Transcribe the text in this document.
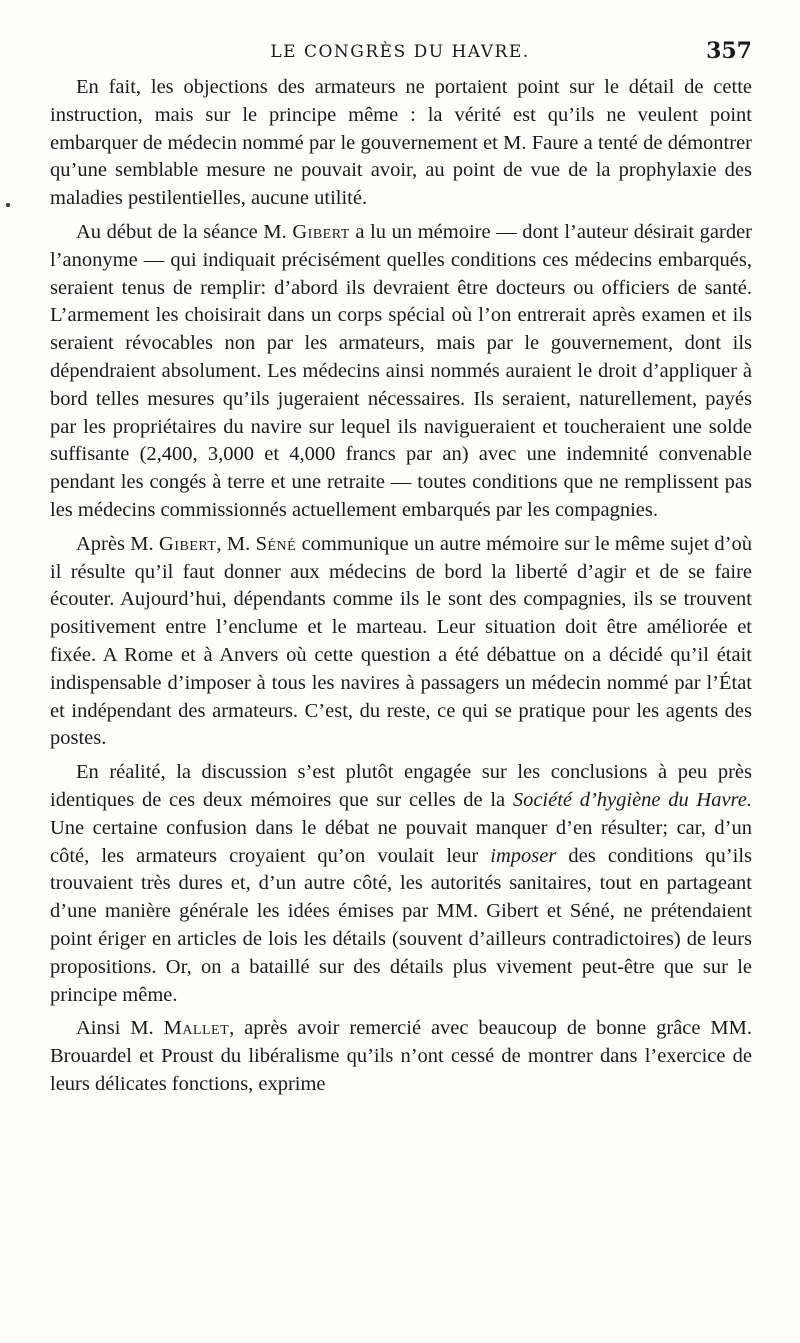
LE CONGRÈS DU HAVRE.	357

En fait, les objections des armateurs ne portaient point sur le détail de cette instruction, mais sur le principe même : la vérité est qu’ils ne veulent point embarquer de médecin nommé par le gouvernement et M. Faure a tenté de démontrer qu’une semblable mesure ne pouvait avoir, au point de vue de la prophylaxie des maladies pestilentielles, aucune utilité.

Au début de la séance M. Gibert a lu un mémoire — dont l’auteur désirait garder l’anonyme — qui indiquait précisément quelles conditions ces médecins embarqués, seraient tenus de remplir: d’abord ils devraient être docteurs ou officiers de santé. L’armement les choisirait dans un corps spécial où l’on entrerait après examen et ils seraient révocables non par les armateurs, mais par le gouvernement, dont ils dépendraient absolument. Les médecins ainsi nommés auraient le droit d’appliquer à bord telles mesures qu’ils jugeraient nécessaires. Ils seraient, naturellement, payés par les propriétaires du navire sur lequel ils navigueraient et toucheraient une solde suffisante (2,400, 3,000 et 4,000 francs par an) avec une indemnité convenable pendant les congés à terre et une retraite — toutes conditions que ne remplissent pas les médecins commissionnés actuellement embarqués par les compagnies.

Après M. Gibert, M. Séné communique un autre mémoire sur le même sujet d’où il résulte qu’il faut donner aux médecins de bord la liberté d’agir et de se faire écouter. Aujourd’hui, dépendants comme ils le sont des compagnies, ils se trouvent positivement entre l’enclume et le marteau. Leur situation doit être améliorée et fixée. A Rome et à Anvers où cette question a été débattue on a décidé qu’il était indispensable d’imposer à tous les navires à passagers un médecin nommé par l’État et indépendant des armateurs. C’est, du reste, ce qui se pratique pour les agents des postes.

En réalité, la discussion s’est plutôt engagée sur les conclusions à peu près identiques de ces deux mémoires que sur celles de la Société d’hygiène du Havre. Une certaine confusion dans le débat ne pouvait manquer d’en résulter; car, d’un côté, les armateurs croyaient qu’on voulait leur imposer des conditions qu’ils trouvaient très dures et, d’un autre côté, les autorités sanitaires, tout en partageant d’une manière générale les idées émises par MM. Gibert et Séné, ne prétendaient point ériger en articles de lois les détails (souvent d’ailleurs contradictoires) de leurs propositions. Or, on a bataillé sur des détails plus vivement peut-être que sur le principe même.

Ainsi M. Mallet, après avoir remercié avec beaucoup de bonne grâce MM. Brouardel et Proust du libéralisme qu’ils n’ont cessé de montrer dans l’exercice de leurs délicates fonctions, exprime
